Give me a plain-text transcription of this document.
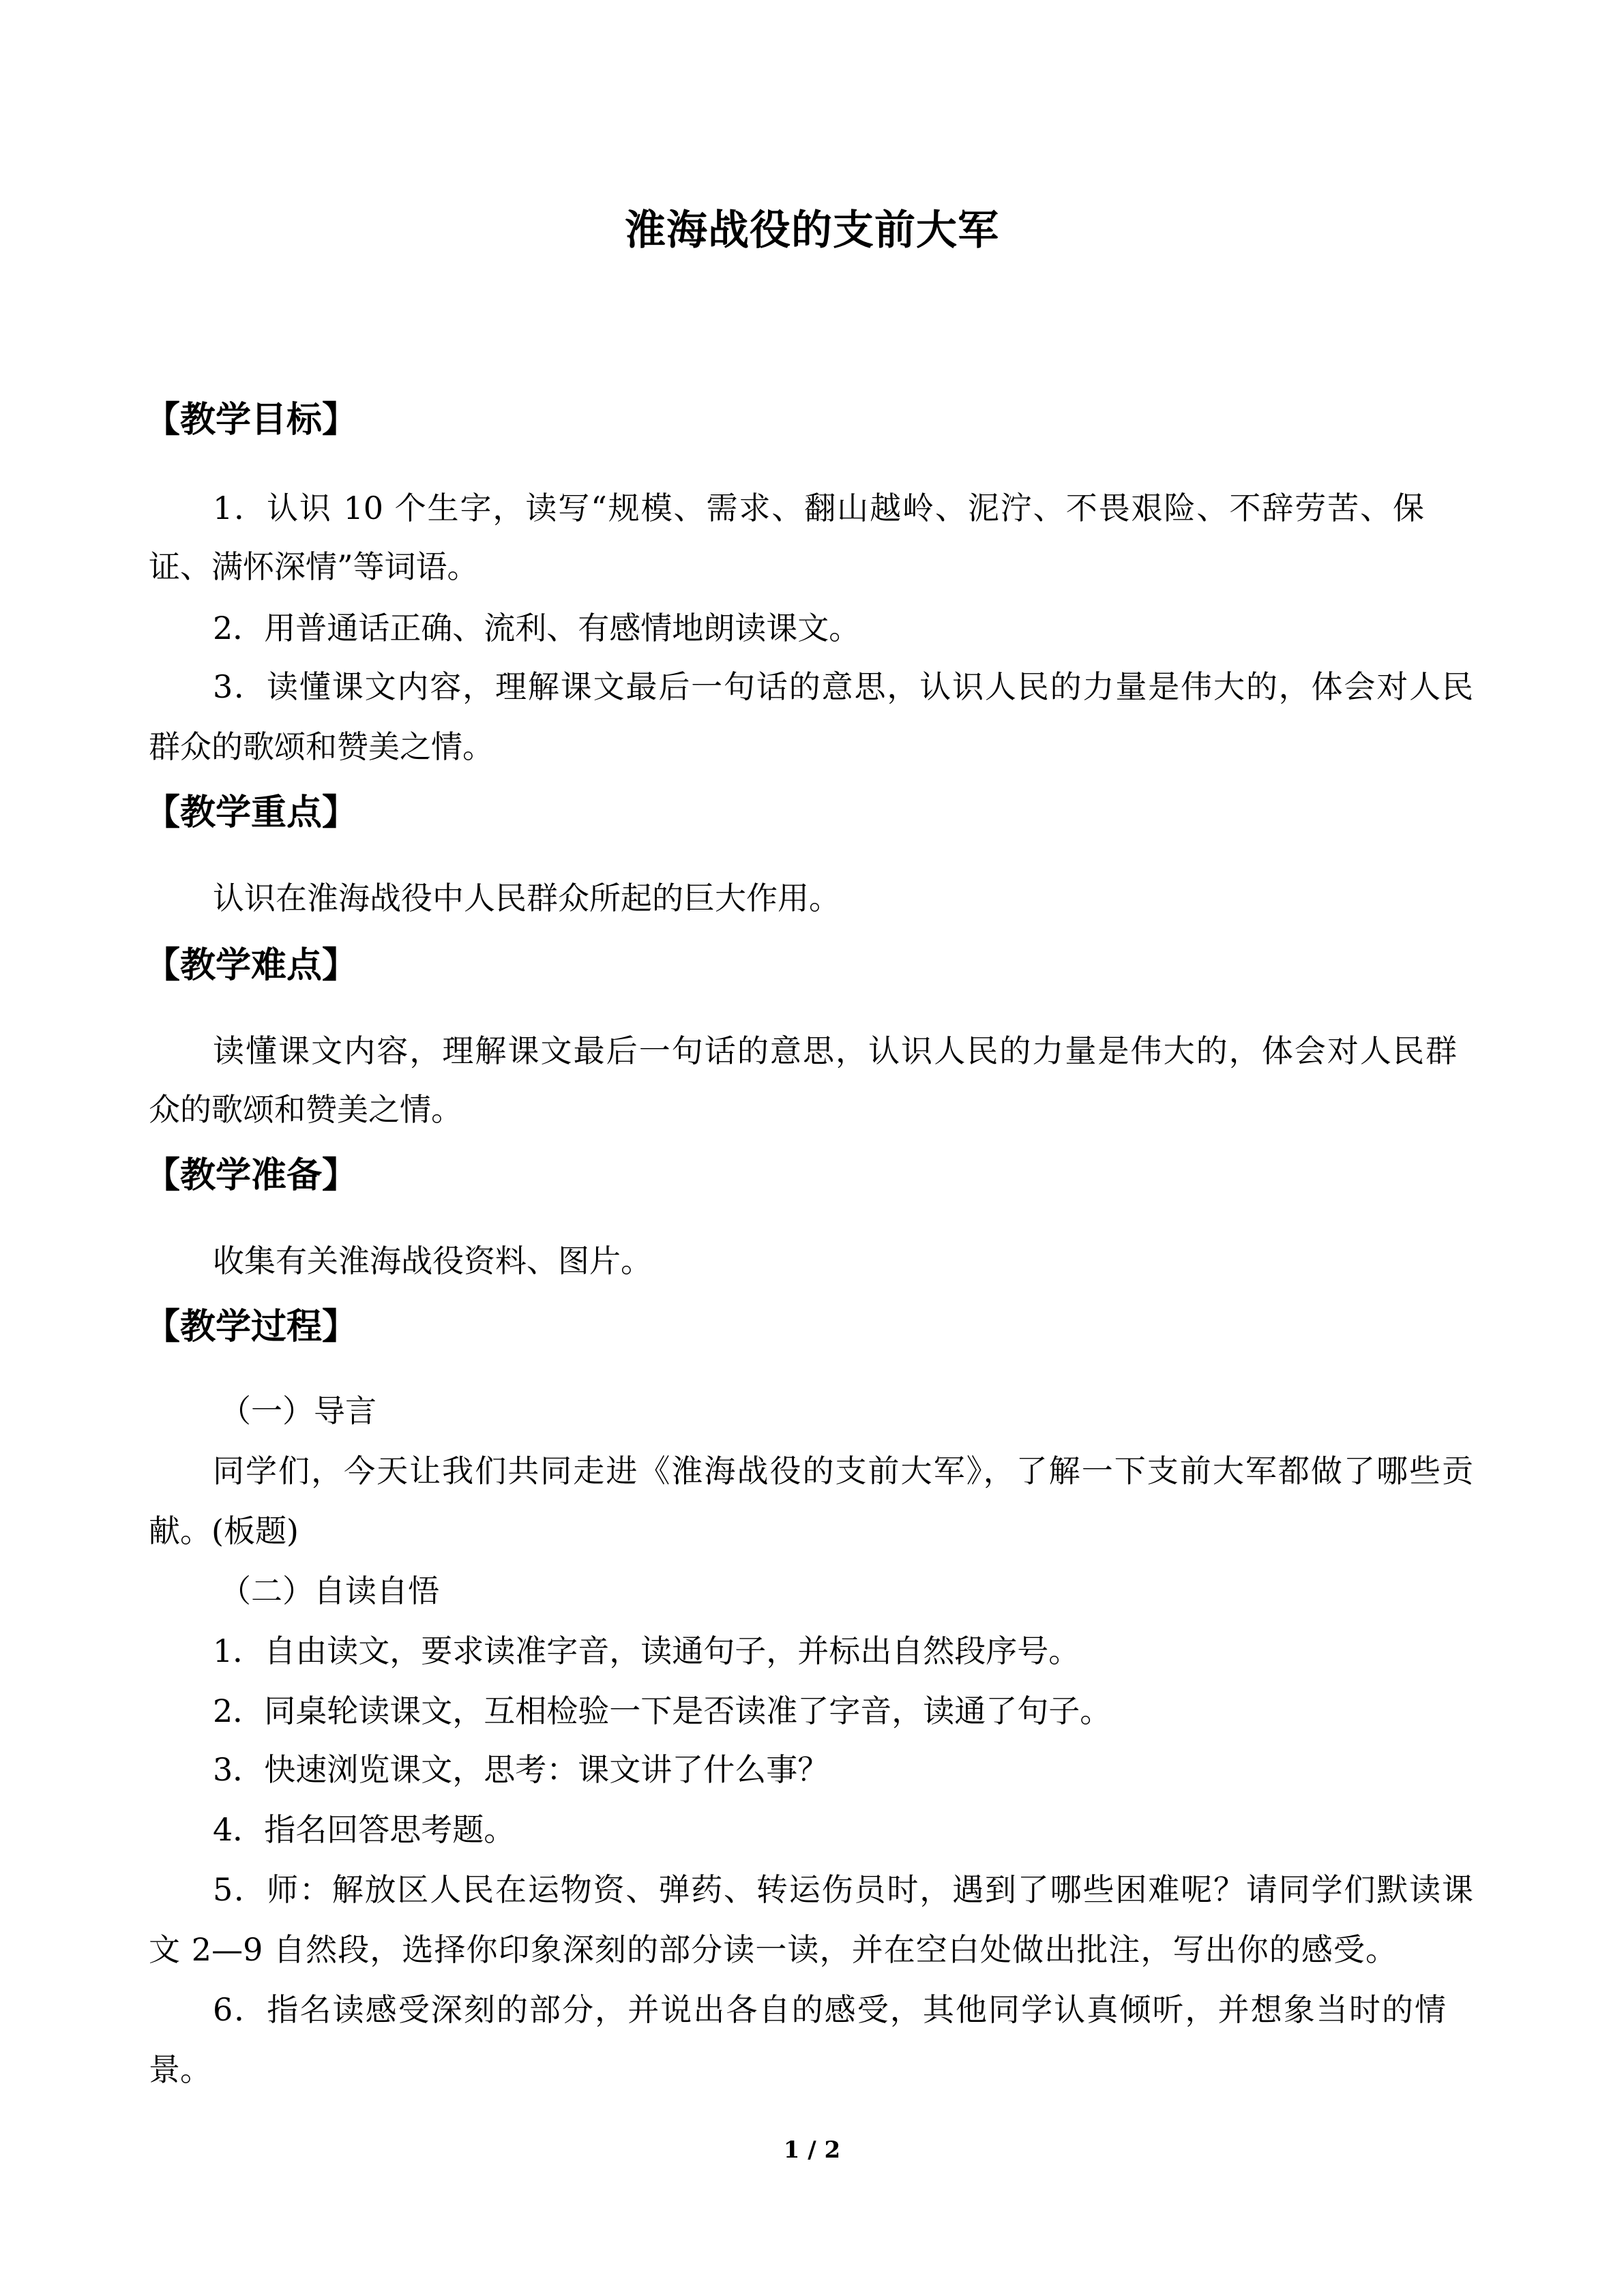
淮海战役的支前大军
【教学目标】
1．认识 10 个生字，读写“规模、需求、翻山越岭、泥泞、不畏艰险、不辞劳苦、保
证、满怀深情”等词语。
2．用普通话正确、流利、有感情地朗读课文。
3．读懂课文内容，理解课文最后一句话的意思，认识人民的力量是伟大的，体会对人民
群众的歌颂和赞美之情。
【教学重点】
认识在淮海战役中人民群众所起的巨大作用。
【教学难点】
读懂课文内容，理解课文最后一句话的意思，认识人民的力量是伟大的，体会对人民群
众的歌颂和赞美之情。
【教学准备】
收集有关淮海战役资料、图片。
【教学过程】
（一）导言
同学们，今天让我们共同走进《淮海战役的支前大军》，了解一下支前大军都做了哪些贡
献。(板题)
（二）自读自悟
1．自由读文，要求读准字音，读通句子，并标出自然段序号。
2．同桌轮读课文，互相检验一下是否读准了字音，读通了句子。
3．快速浏览课文，思考：课文讲了什么事？
4．指名回答思考题。
5．师：解放区人民在运物资、弹药、转运伤员时，遇到了哪些困难呢？请同学们默读课
文 2—9 自然段，选择你印象深刻的部分读一读，并在空白处做出批注，写出你的感受。
6．指名读感受深刻的部分，并说出各自的感受，其他同学认真倾听，并想象当时的情
景。
1 / 2
